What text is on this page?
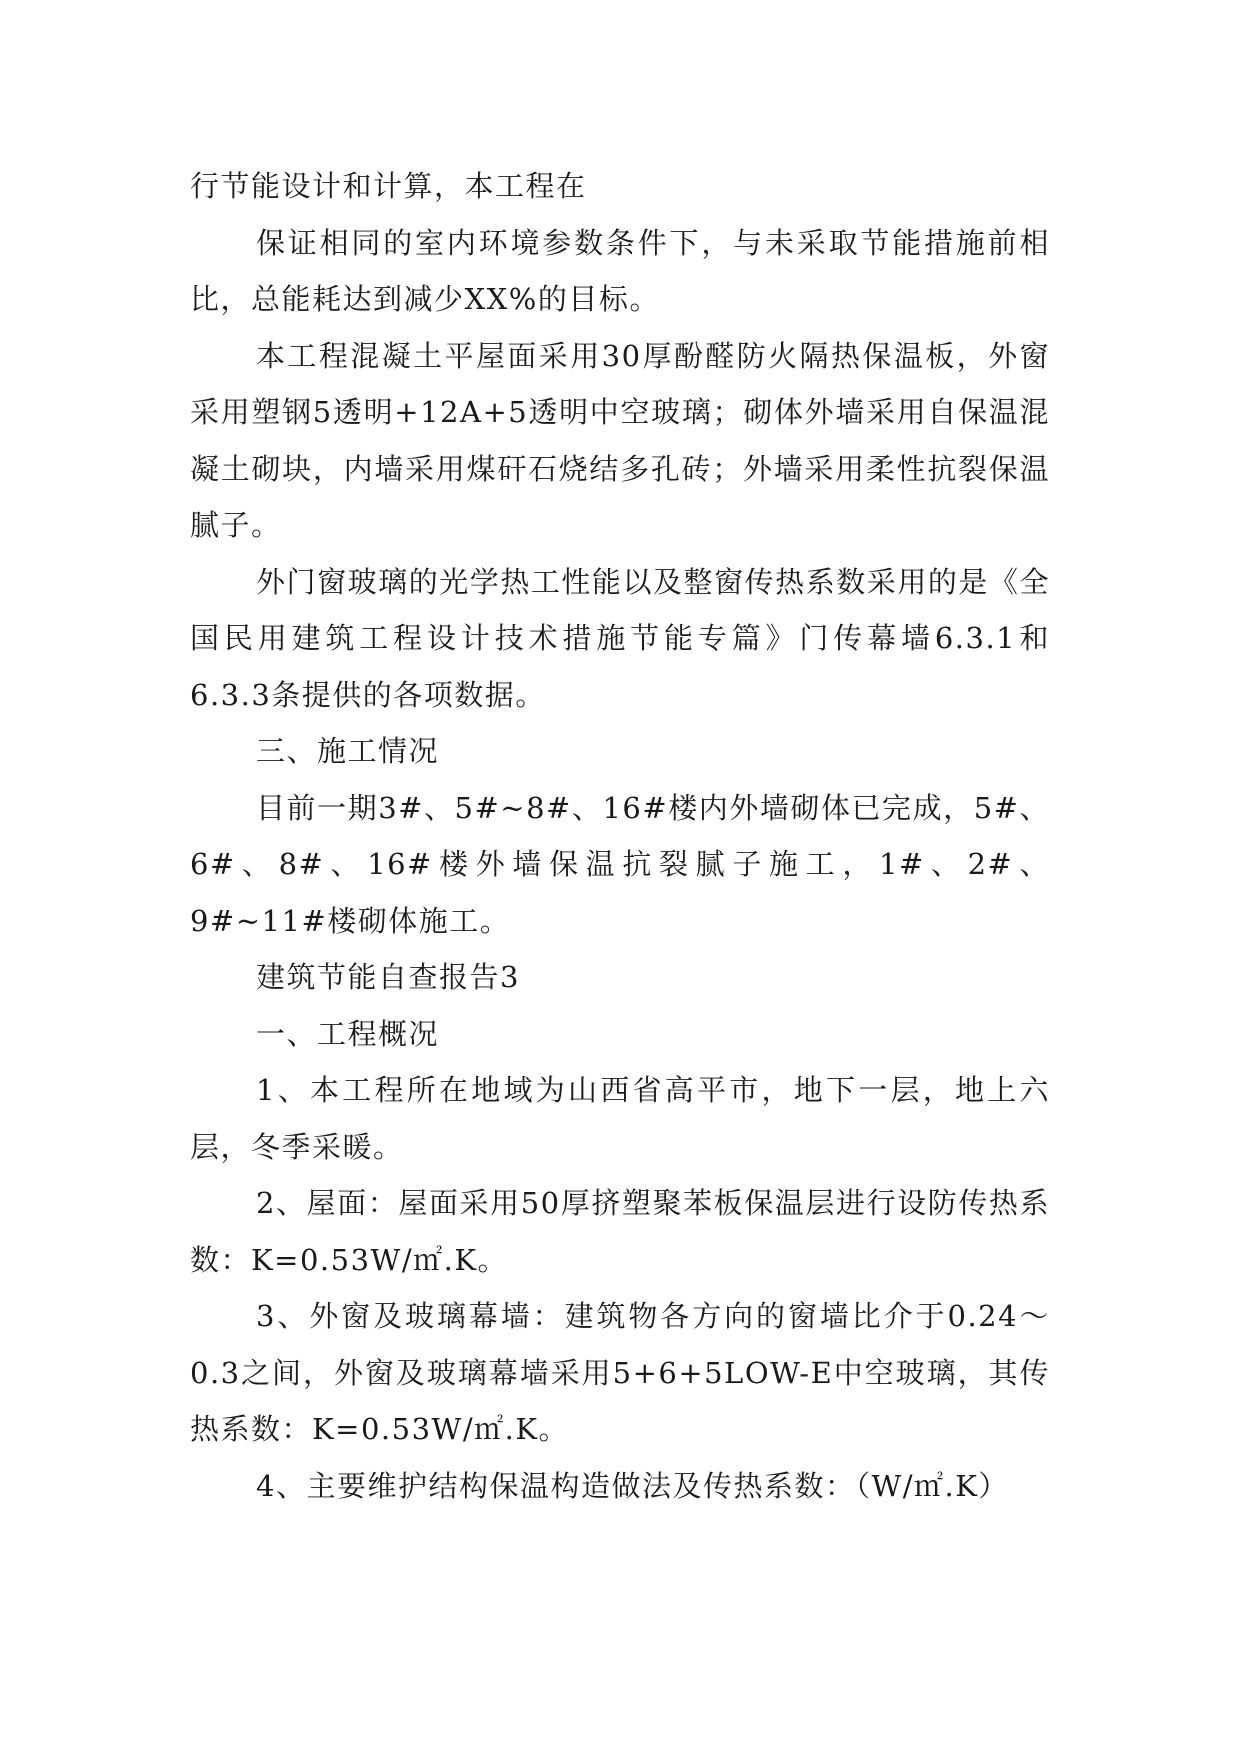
行节能设计和计算，本工程在

保证相同的室内环境参数条件下，与未采取节能措施前相比，总能耗达到减少XX%的目标。

本工程混凝土平屋面采用30厚酚醛防火隔热保温板，外窗采用塑钢5透明+12A+5透明中空玻璃；砌体外墙采用自保温混凝土砌块，内墙采用煤矸石烧结多孔砖；外墙采用柔性抗裂保温腻子。

外门窗玻璃的光学热工性能以及整窗传热系数采用的是《全国民用建筑工程设计技术措施节能专篇》门传幕墙6.3.1和6.3.3条提供的各项数据。

三、施工情况

目前一期3#、5#~8#、16#楼内外墙砌体已完成，5#、6#、8#、16#楼外墙保温抗裂腻子施工，1#、2#、9#~11#楼砌体施工。

建筑节能自查报告3

一、工程概况

1、本工程所在地域为山西省高平市，地下一层，地上六层，冬季采暖。

2、屋面：屋面采用50厚挤塑聚苯板保温层进行设防传热系数：K=0.53W/㎡.K。

3、外窗及玻璃幕墙：建筑物各方向的窗墙比介于0.24～0.3之间，外窗及玻璃幕墙采用5+6+5LOW-E中空玻璃，其传热系数：K=0.53W/㎡.K。

4、主要维护结构保温构造做法及传热系数：（W/㎡.K）
